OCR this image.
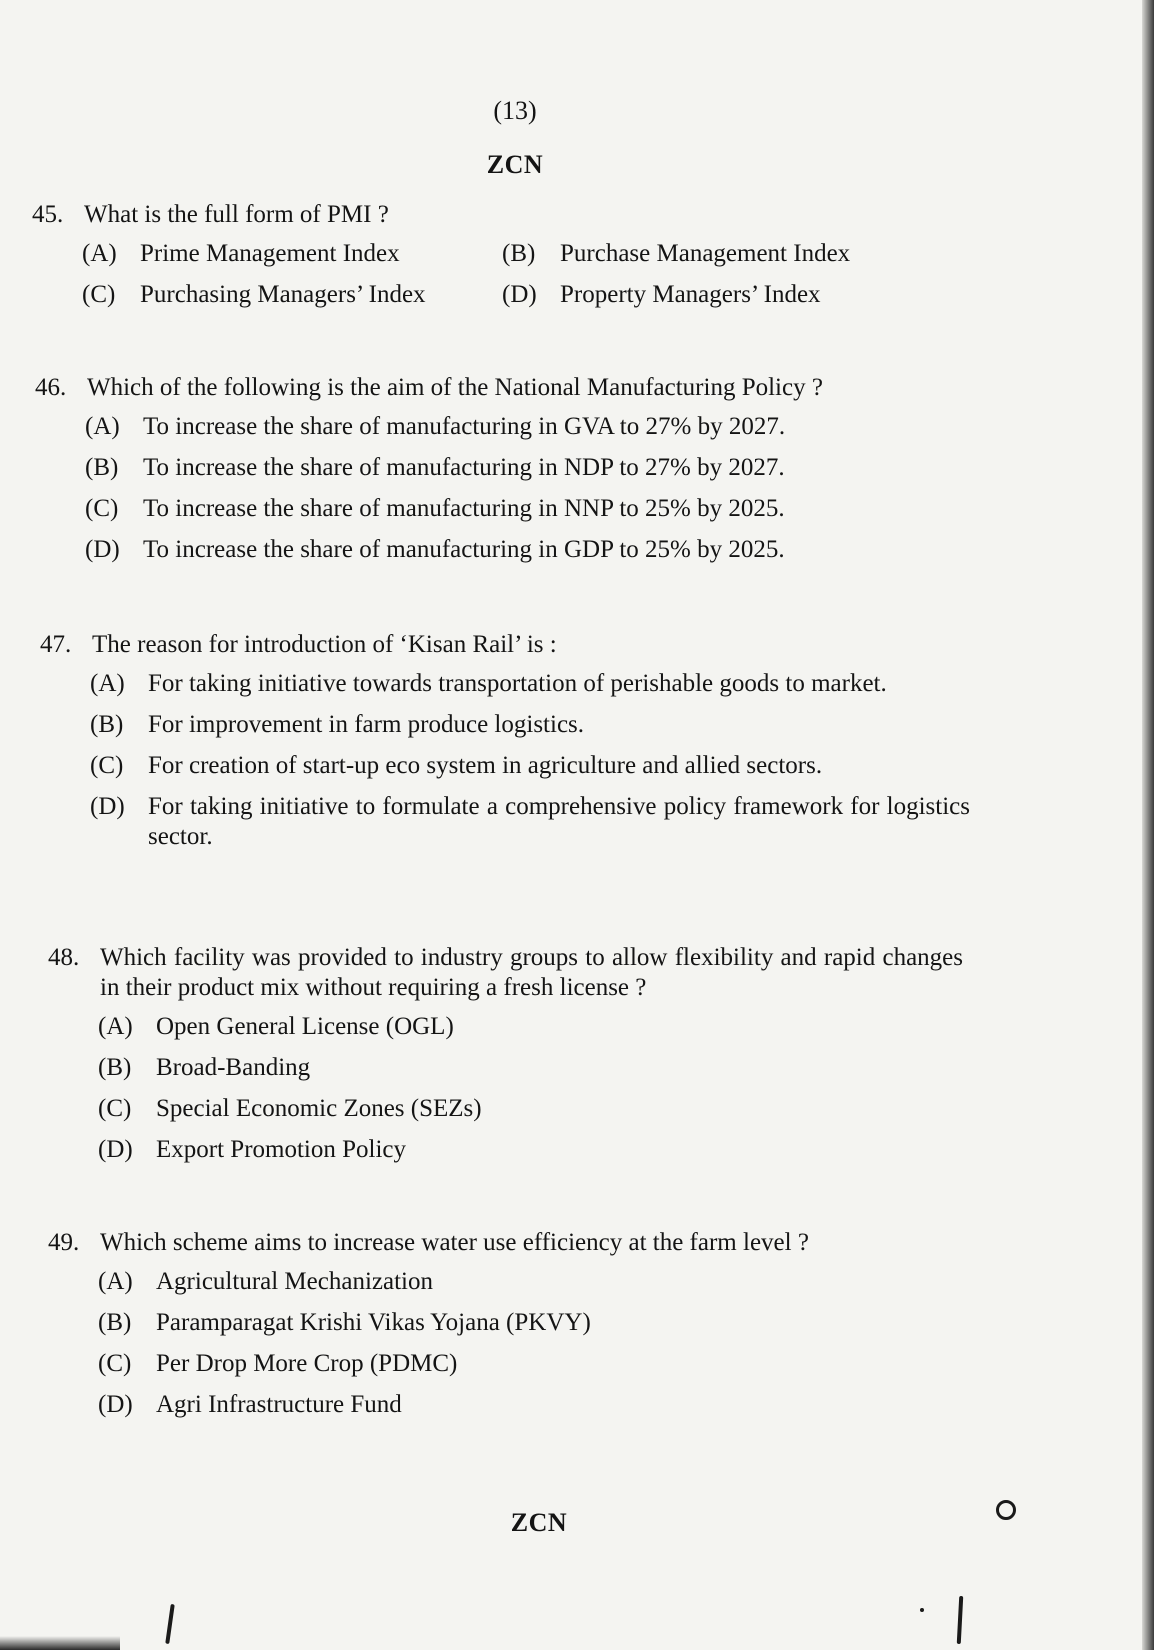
(13)
ZCN
45. What is the full form of PMI ?
(A) Prime Management Index	(B) Purchase Management Index
(C) Purchasing Managers’ Index	(D) Property Managers’ Index
46. Which of the following is the aim of the National Manufacturing Policy ?
(A) To increase the share of manufacturing in GVA to 27% by 2027.
(B) To increase the share of manufacturing in NDP to 27% by 2027.
(C) To increase the share of manufacturing in NNP to 25% by 2025.
(D) To increase the share of manufacturing in GDP to 25% by 2025.
47. The reason for introduction of ‘Kisan Rail’ is :
(A) For taking initiative towards transportation of perishable goods to market.
(B) For improvement in farm produce logistics.
(C) For creation of start-up eco system in agriculture and allied sectors.
(D) For taking initiative to formulate a comprehensive policy framework for logistics sector.
48. Which facility was provided to industry groups to allow flexibility and rapid changes in their product mix without requiring a fresh license ?
(A) Open General License (OGL)
(B) Broad-Banding
(C) Special Economic Zones (SEZs)
(D) Export Promotion Policy
49. Which scheme aims to increase water use efficiency at the farm level ?
(A) Agricultural Mechanization
(B) Paramparagat Krishi Vikas Yojana (PKVY)
(C) Per Drop More Crop (PDMC)
(D) Agri Infrastructure Fund
ZCN
